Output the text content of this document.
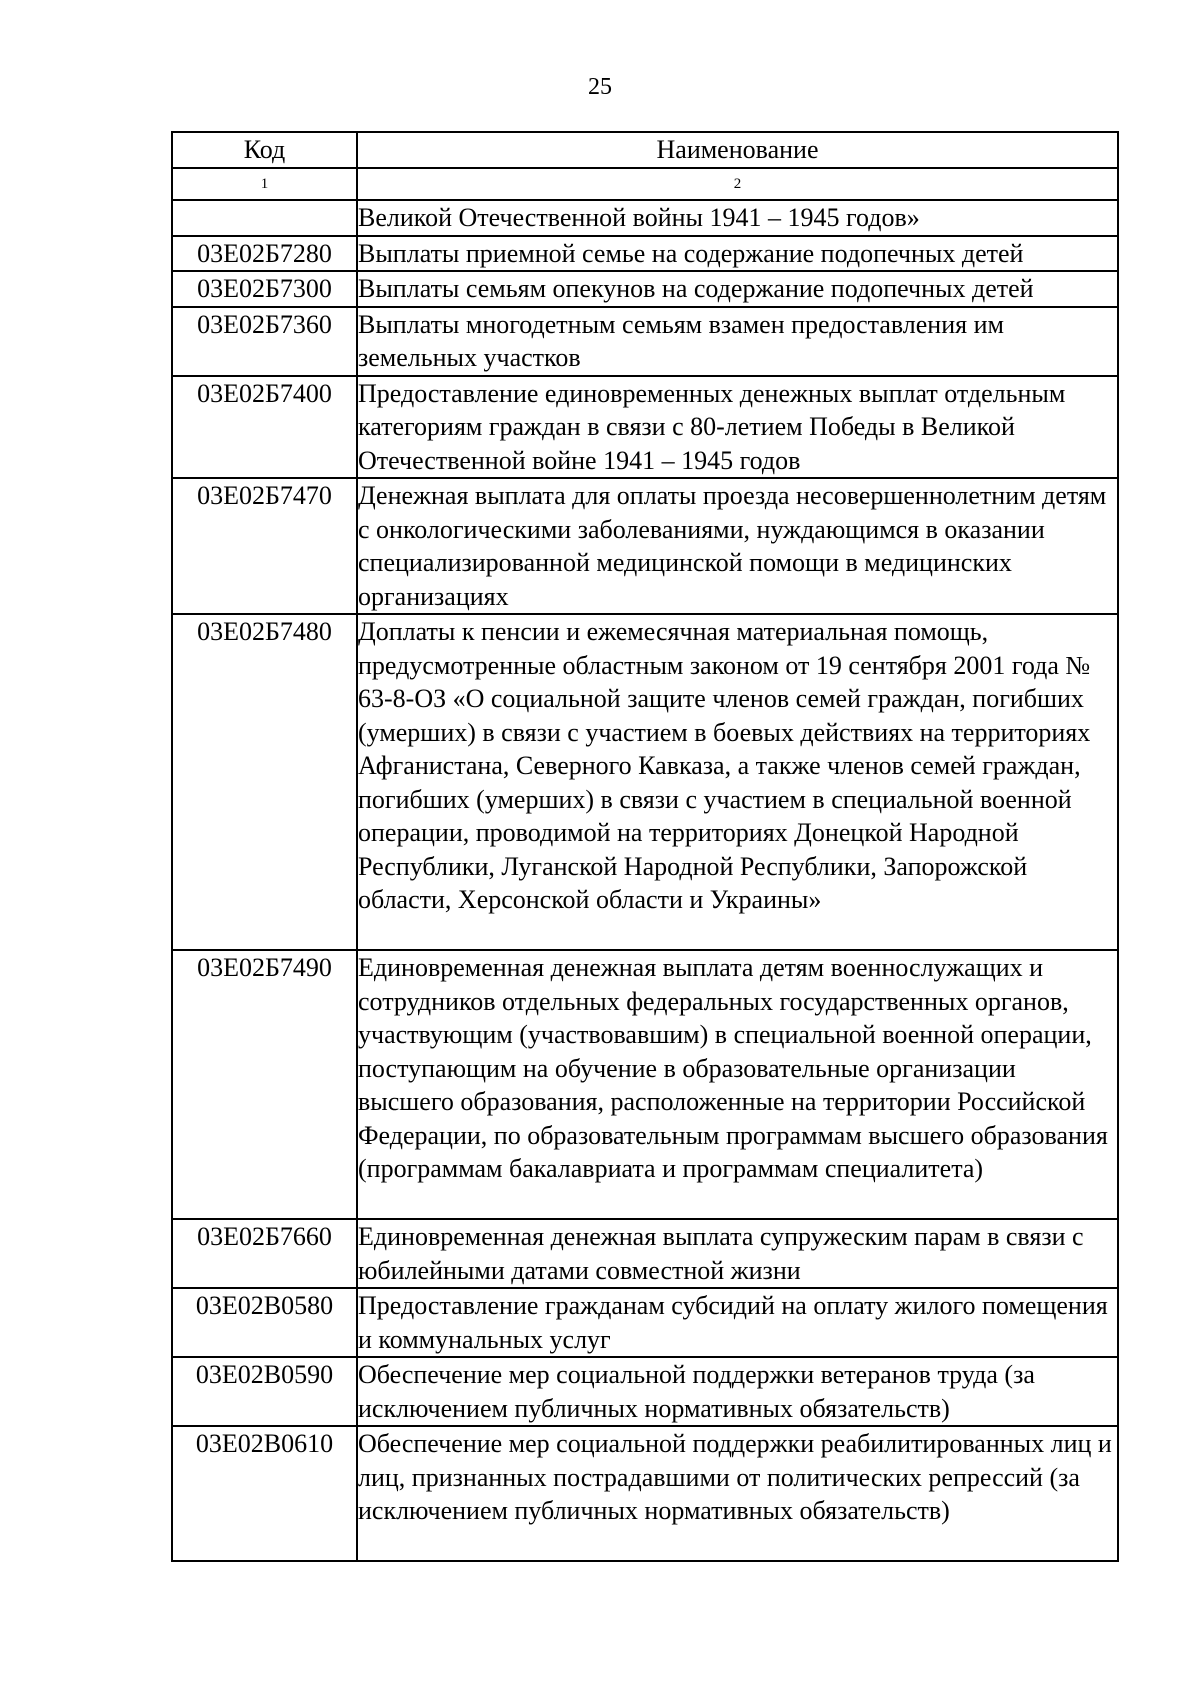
25
Код	Наименование
1	2
	Великой Отечественной войны 1941 – 1945 годов»
03Е02Б7280	Выплаты приемной семье на содержание подопечных детей
03Е02Б7300	Выплаты семьям опекунов на содержание подопечных детей
03Е02Б7360	Выплаты многодетным семьям взамен предоставления им земельных участков
03Е02Б7400	Предоставление единовременных денежных выплат отдельным категориям граждан в связи с 80-летием Победы в Великой Отечественной войне 1941 – 1945 годов
03Е02Б7470	Денежная выплата для оплаты проезда несовершеннолетним детям с онкологическими заболеваниями, нуждающимся в оказании специализированной медицинской помощи в медицинских организациях
03Е02Б7480	Доплаты к пенсии и ежемесячная материальная помощь, предусмотренные областным законом от 19 сентября 2001 года № 63-8-ОЗ «О социальной защите членов семей граждан, погибших (умерших) в связи с участием в боевых действиях на территориях Афганистана, Северного Кавказа, а также членов семей граждан, погибших (умерших) в связи с участием в специальной военной операции, проводимой на территориях Донецкой Народной Республики, Луганской Народной Республики, Запорожской области, Херсонской области и Украины»
03Е02Б7490	Единовременная денежная выплата детям военнослужащих и сотрудников отдельных федеральных государственных органов, участвующим (участвовавшим) в специальной военной операции, поступающим на обучение в образовательные организации высшего образования, расположенные на территории Российской Федерации, по образовательным программам высшего образования (программам бакалавриата и программам специалитета)
03Е02Б7660	Единовременная денежная выплата супружеским парам в связи с юбилейными датами совместной жизни
03Е02В0580	Предоставление гражданам субсидий на оплату жилого помещения и коммунальных услуг
03Е02В0590	Обеспечение мер социальной поддержки ветеранов труда (за исключением публичных нормативных обязательств)
03Е02В0610	Обеспечение мер социальной поддержки реабилитированных лиц и лиц, признанных пострадавшими от политических репрессий (за исключением публичных нормативных обязательств)
